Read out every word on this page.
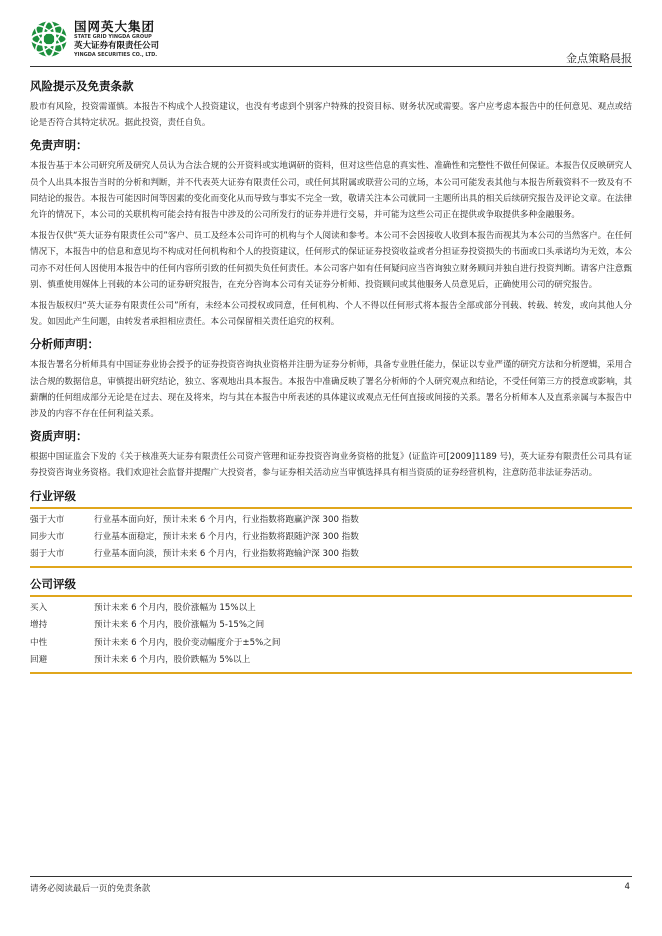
国网英大集团
STATE GRID YINGDA GROUP
英大证券有限责任公司
YINGDA SECURITIES CO., LTD.	金点策略晨报
风险提示及免责条款

股市有风险，投资需谨慎。本报告不构成个人投资建议，也没有考虑到个别客户特殊的投资目标、财务状况或需要。客户应考虑本报告中的任何意见、观点或结论是否符合其特定状况。据此投资，责任自负。

免责声明：

本报告基于本公司研究所及研究人员认为合法合规的公开资料或实地调研的资料，但对这些信息的真实性、准确性和完整性不做任何保证。本报告仅反映研究人员个人出具本报告当时的分析和判断，并不代表英大证券有限责任公司，或任何其附属或联营公司的立场，本公司可能发表其他与本报告所载资料不一致及有不同结论的报告。本报告可能因时间等因素的变化而变化从而导致与事实不完全一致，敬请关注本公司就同一主题所出具的相关后续研究报告及评论文章。在法律允许的情况下，本公司的关联机构可能会持有报告中涉及的公司所发行的证券并进行交易，并可能为这些公司正在提供或争取提供多种金融服务。

本报告仅供“英大证券有限责任公司”客户、员工及经本公司许可的机构与个人阅读和参考。本公司不会因接收人收到本报告而视其为本公司的当然客户。在任何情况下，本报告中的信息和意见均不构成对任何机构和个人的投资建议，任何形式的保证证券投资收益或者分担证券投资损失的书面或口头承诺均为无效，本公司亦不对任何人因使用本报告中的任何内容所引致的任何损失负任何责任。本公司客户如有任何疑问应当咨询独立财务顾问并独自进行投资判断。请客户注意甄别、慎重使用媒体上刊载的本公司的证券研究报告，在充分咨询本公司有关证券分析师、投资顾问或其他服务人员意见后，正确使用公司的研究报告。

本报告版权归“英大证券有限责任公司”所有，未经本公司授权或同意，任何机构、个人不得以任何形式将本报告全部或部分刊载、转载、转发，或向其他人分发。如因此产生问题，由转发者承担相应责任。本公司保留相关责任追究的权利。

分析师声明：

本报告署名分析师具有中国证券业协会授予的证券投资咨询执业资格并注册为证券分析师，具备专业胜任能力，保证以专业严谨的研究方法和分析逻辑，采用合法合规的数据信息，审慎提出研究结论，独立、客观地出具本报告。本报告中准确反映了署名分析师的个人研究观点和结论，不受任何第三方的授意或影响，其薪酬的任何组成部分无论是在过去、现在及将来，均与其在本报告中所表述的具体建议或观点无任何直接或间接的关系。署名分析师本人及直系亲属与本报告中涉及的内容不存在任何利益关系。

资质声明：

根据中国证监会下发的《关于核准英大证券有限责任公司资产管理和证券投资咨询业务资格的批复》(证监许可[2009]1189 号)，英大证券有限责任公司具有证券投资咨询业务资格。我们欢迎社会监督并提醒广大投资者，参与证券相关活动应当审慎选择具有相当资质的证券经营机构，注意防范非法证券活动。

行业评级
强于大市	行业基本面向好，预计未来 6 个月内，行业指数将跑赢沪深 300 指数
同步大市	行业基本面稳定，预计未来 6 个月内，行业指数将跟随沪深 300 指数
弱于大市	行业基本面向淡，预计未来 6 个月内，行业指数将跑输沪深 300 指数
公司评级
买入	预计未来 6 个月内，股价涨幅为 15%以上
增持	预计未来 6 个月内，股价涨幅为 5-15%之间
中性	预计未来 6 个月内，股价变动幅度介于±5%之间
回避	预计未来 6 个月内，股价跌幅为 5%以上
请务必阅读最后一页的免责条款	4
